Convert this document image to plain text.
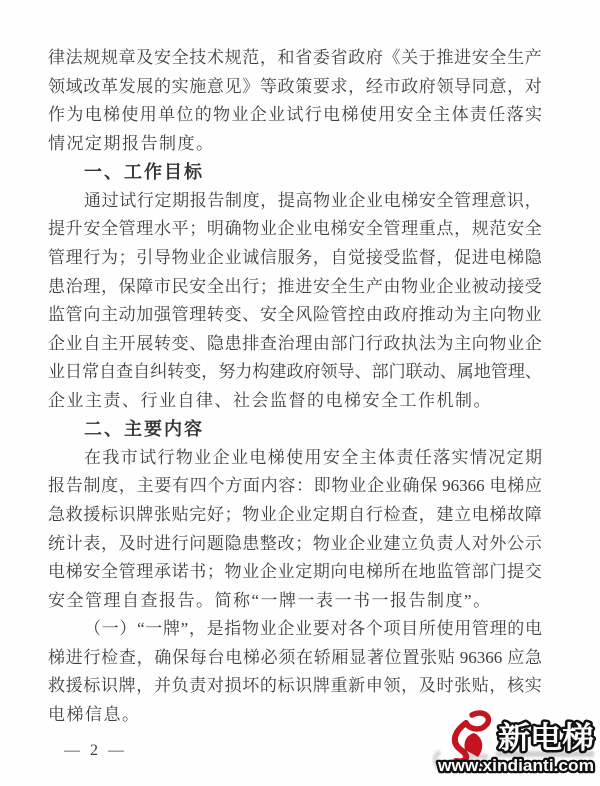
律 法 规 规 章 及 安 全 技 术 规 范 ， 和 省 委 省 政 府 《 关 于 推 进 安 全 生 产
领 域 改 革 发 展 的 实 施 意 见 》 等 政 策 要 求 ， 经 市 政 府 领 导 同 意 ， 对
作 为 电 梯 使 用 单 位 的 物 业 企 业 试 行 电 梯 使 用 安 全 主 体 责 任 落 实
情 况 定 期 报 告 制 度 。
一、工作目标
通 过 试 行 定 期 报 告 制 度 ， 提 高 物 业 企 业 电 梯 安 全 管 理 意 识 ，
提 升 安 全 管 理 水 平 ； 明 确 物 业 企 业 电 梯 安 全 管 理 重 点 ， 规 范 安 全
管 理 行 为 ； 引 导 物 业 企 业 诚 信 服 务 ， 自 觉 接 受 监 督 ， 促 进 电 梯 隐
患 治 理 ， 保 障 市 民 安 全 出 行 ； 推 进 安 全 生 产 由 物 业 企 业 被 动 接 受
监 管 向 主 动 加 强 管 理 转 变 、 安 全 风 险 管 控 由 政 府 推 动 为 主 向 物 业
企 业 自 主 开 展 转 变 、 隐 患 排 查 治 理 由 部 门 行 政 执 法 为 主 向 物 业 企
业 日 常 自 查 自 纠 转 变 ， 努 力 构 建 政 府 领 导 、 部 门 联 动 、 属 地 管 理 、
企 业 主 责 、 行 业 自 律 、 社 会 监 督 的 电 梯 安 全 工 作 机 制 。
二、主要内容
在 我 市 试 行 物 业 企 业 电 梯 使 用 安 全 主 体 责 任 落 实 情 况 定 期
报 告 制 度 ， 主 要 有 四 个 方 面 内 容 ： 即 物 业 企 业 确 保 96366 电 梯 应
急 救 援 标 识 牌 张 贴 完 好 ； 物 业 企 业 定 期 自 行 检 查 ， 建 立 电 梯 故 障
统 计 表 ， 及 时 进 行 问 题 隐 患 整 改 ； 物 业 企 业 建 立 负 责 人 对 外 公 示
电 梯 安 全 管 理 承 诺 书 ； 物 业 企 业 定 期 向 电 梯 所 在 地 监 管 部 门 提 交
安 全 管 理 自 查 报 告 。 简 称 “ 一 牌 一 表 一 书 一 报 告 制 度 ” 。
（ 一 ） “ 一 牌 ” ， 是 指 物 业 企 业 要 对 各 个 项 目 所 使 用 管 理 的 电
梯 进 行 检 查 ， 确 保 每 台 电 梯 必 须 在 轿 厢 显 著 位 置 张 贴 96366 应 急
救 援 标 识 牌 ， 并 负 责 对 损 坏 的 标 识 牌 重 新 申 领 ， 及 时 张 贴 ， 核 实
电 梯 信 息 。
— 2 —	新电梯
www.xindianti.com
